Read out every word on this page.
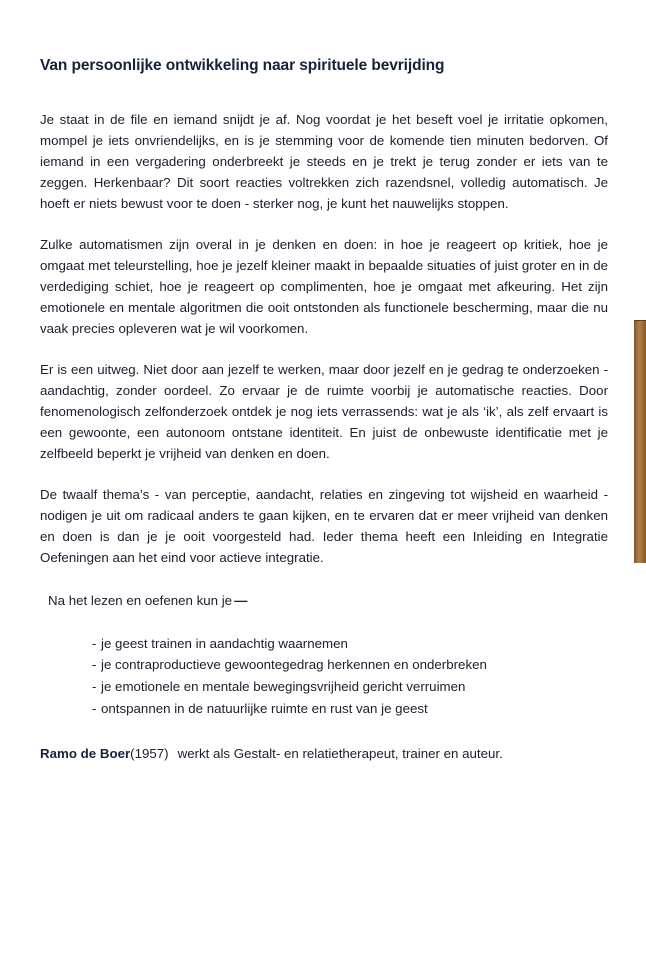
Van persoonlijke ontwikkeling naar spirituele bevrijding

Je staat in de file en iemand snijdt je af. Nog voordat je het beseft voel je irritatie opkomen, mompel je iets onvriendelijks, en is je stemming voor de komende tien minuten bedorven. Of iemand in een vergadering onderbreekt je steeds en je trekt je terug zonder er iets van te zeggen. Herkenbaar? Dit soort reacties voltrekken zich razendsnel, volledig automatisch. Je hoeft er niets bewust voor te doen - sterker nog, je kunt het nauwelijks stoppen.

Zulke automatismen zijn overal in je denken en doen: in hoe je reageert op kritiek, hoe je omgaat met teleurstelling, hoe je jezelf kleiner maakt in bepaalde situaties of juist groter en in de verdediging schiet, hoe je reageert op complimenten, hoe je omgaat met afkeuring. Het zijn emotionele en mentale algoritmen die ooit ontstonden als functionele bescherming, maar die nu vaak precies opleveren wat je wil voorkomen.

Er is een uitweg. Niet door aan jezelf te werken, maar door jezelf en je gedrag te onderzoeken - aandachtig, zonder oordeel. Zo ervaar je de ruimte voorbij je automatische reacties. Door fenomenologisch zelfonderzoek ontdek je nog iets verrassends: wat je als ‘ik’, als zelf ervaart is een gewoonte, een autonoom ontstane identiteit. En juist de onbewuste identificatie met je zelfbeeld beperkt je vrijheid van denken en doen.

De twaalf thema’s - van perceptie, aandacht, relaties en zingeving tot wijsheid en waarheid - nodigen je uit om radicaal anders te gaan kijken, en te ervaren dat er meer vrijheid van denken en doen is dan je je ooit voorgesteld had. Ieder thema heeft een Inleiding en Integratie Oefeningen aan het eind voor actieve integratie.

Na het lezen en oefenen kun je —

- je geest trainen in aandachtig waarnemen
- je contraproductieve gewoontegedrag herkennen en onderbreken
- je emotionele en mentale bewegingsvrijheid gericht verruimen
- ontspannen in de natuurlijke ruimte en rust van je geest

Ramo de Boer(1957) werkt als Gestalt- en relatietherapeut, trainer en auteur.
